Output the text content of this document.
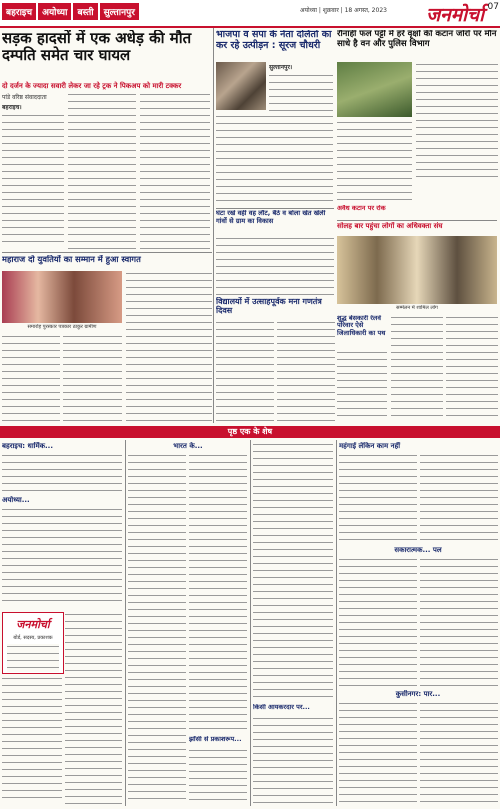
बहराइच	अयोध्या	बस्ती	सुल्तानपुर	अयोध्या | शुक्रवार | 18 अगस्त, 2023 जनमोर्चा 07
सड़क हादसों में एक अधेड़ की मौत दम्पति समेत चार घायल
दो दर्जन के ज्यादा सवारी लेकर जा रहे ट्रक ने पिकअप को मारी टक्कर
पांडे वरिष्ठ संवाददाता
बहराइच।
भाजपा व सपा के नेता दलितों का कर रहे उत्पीड़न : सूरज चौधरी
सुल्तानपुर।
रौनाही फल पट्टी में हरे वृक्षों की कटान जोरों पर मौन साधे है वन और पुलिस विभाग
अवैध कटान पर रोक
महाराज दो युवतियों का सम्मान में हुआ स्वागत
समारोह पुरस्कार पत्रकार ठाकुर ग्रामीण
घंटा रखे वहीं वह लौट, बैठे व बोला खेत खेली गांवों से ग्राम का विकास
विद्यालयों में उत्साहपूर्वक मना गणतंत्र दिवस
सोलह बार पहुंचा लोगों का अधिवक्ता संघ
सम्मेलन में शामिल लोग
शुद्ध बेसकारी रेलवे परिवार ऐसे जिलाधिकारी का पथ
पृष्ठ एक के शेष
बहराइच: धार्मिक...
अयोध्या...
जनमोर्चा
बोर्ड, सदस्य, प्रकाशक
भारत के...
झाँसी से प्रकाशरूप...
किसी आयकरदार पर...
महंगाई लेकिन काम नहीं
सकारात्मक... पल
कुसीनगर: पार...
